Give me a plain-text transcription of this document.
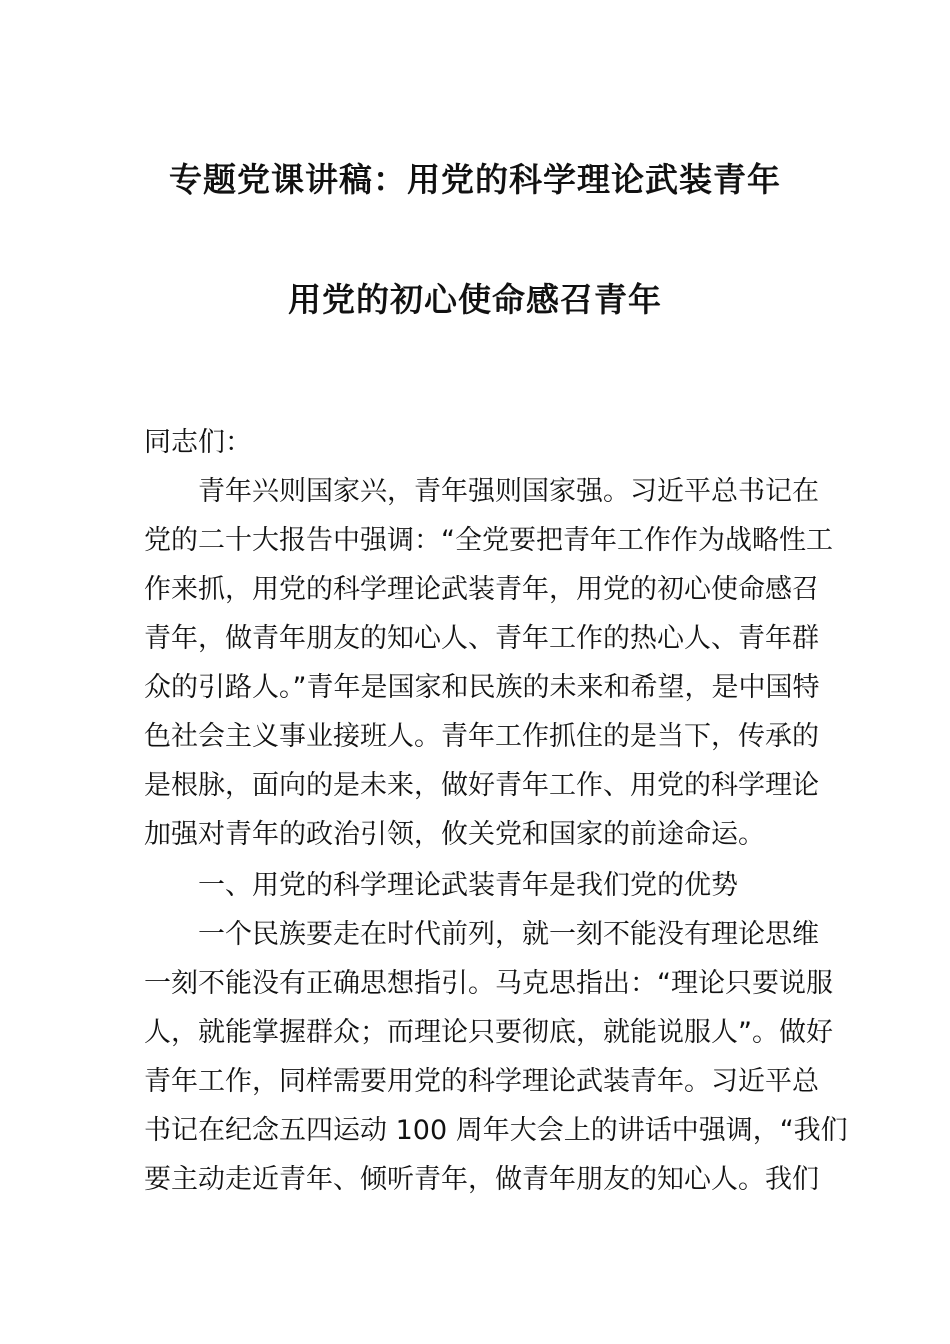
专题党课讲稿：用党的科学理论武装青年
用党的初心使命感召青年
同志们：
青年兴则国家兴，青年强则国家强。习近平总书记在
党的二十大报告中强调：“全党要把青年工作作为战略性工
作来抓，用党的科学理论武装青年，用党的初心使命感召
青年，做青年朋友的知心人、青年工作的热心人、青年群
众的引路人。”青年是国家和民族的未来和希望，是中国特
色社会主义事业接班人。青年工作抓住的是当下，传承的
是根脉，面向的是未来，做好青年工作、用党的科学理论
加强对青年的政治引领，攸关党和国家的前途命运。
一、用党的科学理论武装青年是我们党的优势
一个民族要走在时代前列，就一刻不能没有理论思维
一刻不能没有正确思想指引。马克思指出：“理论只要说服
人，就能掌握群众；而理论只要彻底，就能说服人”。做好
青年工作，同样需要用党的科学理论武装青年。习近平总
书记在纪念五四运动 100 周年大会上的讲话中强调，“我们
要主动走近青年、倾听青年，做青年朋友的知心人。我们
